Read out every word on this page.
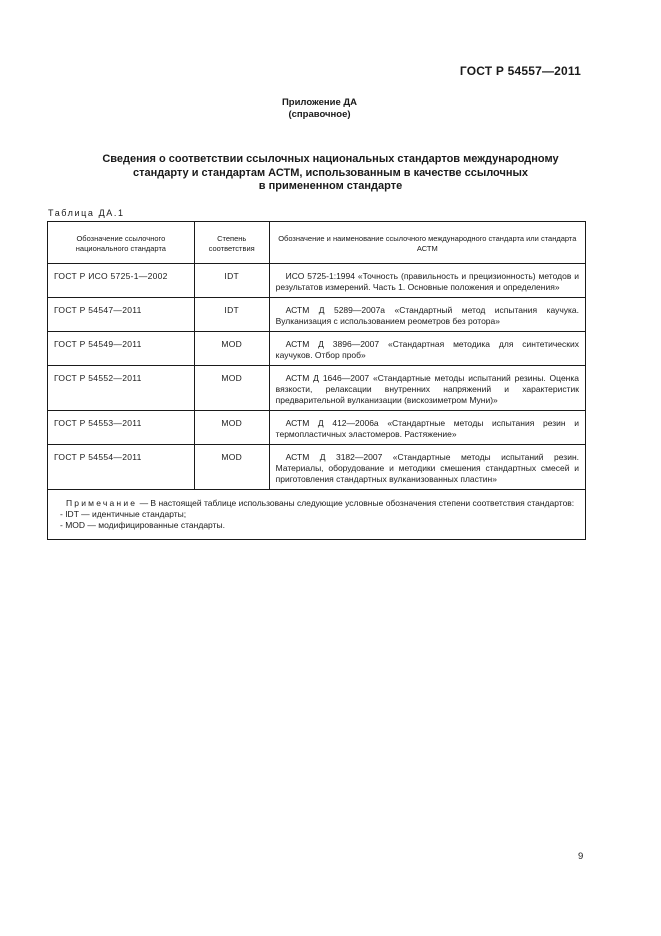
ГОСТ Р 54557—2011
Приложение ДА
(справочное)
Сведения о соответствии ссылочных национальных стандартов международному
стандарту и стандартам АСТМ, использованным в качестве ссылочных
в примененном стандарте
Таблица ДА.1
Обозначение ссылочного национального стандарта	Степень соответствия	Обозначение и наименование ссылочного международного стандарта или стандарта АСТМ
ГОСТ Р ИСО 5725-1—2002	IDT	ИСО 5725-1:1994 «Точность (правильность и прецизионность) методов и результатов измерений. Часть 1. Основные положения и определения»
ГОСТ Р 54547—2011	IDT	АСТМ Д 5289—2007а «Стандартный метод испытания каучука. Вулканизация с использованием реометров без ротора»
ГОСТ Р 54549—2011	MOD	АСТМ Д 3896—2007 «Стандартная методика для синтетических каучуков. Отбор проб»
ГОСТ Р 54552—2011	MOD	АСТМ Д 1646—2007 «Стандартные методы испытаний резины. Оценка вязкости, релаксации внутренних напряжений и характеристик предварительной вулканизации (вискозиметром Муни)»
ГОСТ Р 54553—2011	MOD	АСТМ Д 412—2006а «Стандартные методы испытания резин и термопластичных эластомеров. Растяжение»
ГОСТ Р 54554—2011	MOD	АСТМ Д 3182—2007 «Стандартные методы испытаний резин. Материалы, оборудование и методики смешения стандартных смесей и приготовления стандартных вулканизованных пластин»

Примечание — В настоящей таблице использованы следующие условные обозначения степени соответствия стандартов:
- IDT — идентичные стандарты;
- MOD — модифицированные стандарты.		
9
